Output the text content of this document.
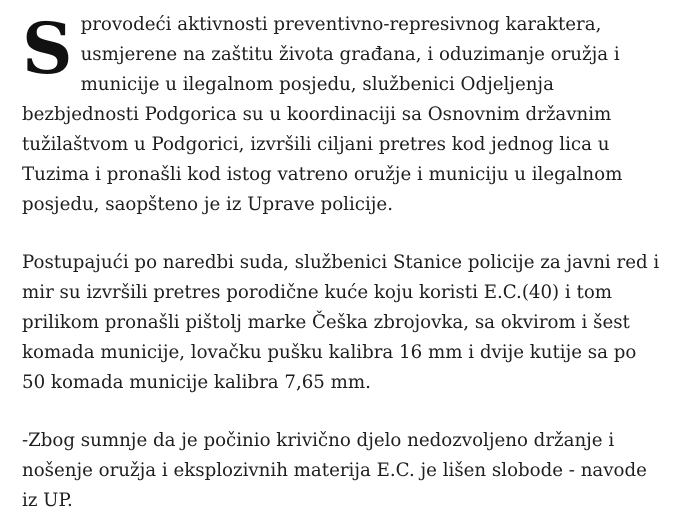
Sprovodeći aktivnosti preventivno-represivnog karaktera, usmjerene na zaštitu života građana, i oduzimanje oružja i municije u ilegalnom posjedu, službenici Odjeljenja bezbjednosti Podgorica su u koordinaciji sa Osnovnim državnim tužilaštvom u Podgorici, izvršili ciljani pretres kod jednog lica u Tuzima i pronašli kod istog vatreno oružje i municiju u ilegalnom posjedu, saopšteno je iz Uprave policije.

Postupajući po naredbi suda, službenici Stanice policije za javni red i mir su izvršili pretres porodične kuće koju koristi E.C.(40) i tom prilikom pronašli pištolj marke Češka zbrojovka, sa okvirom i šest komada municije, lovačku pušku kalibra 16 mm i dvije kutije sa po 50 komada municije kalibra 7,65 mm.

-Zbog sumnje da je počinio krivično djelo nedozvoljeno držanje i nošenje oružja i eksplozivnih materija E.C. je lišen slobode - navode iz UP.
